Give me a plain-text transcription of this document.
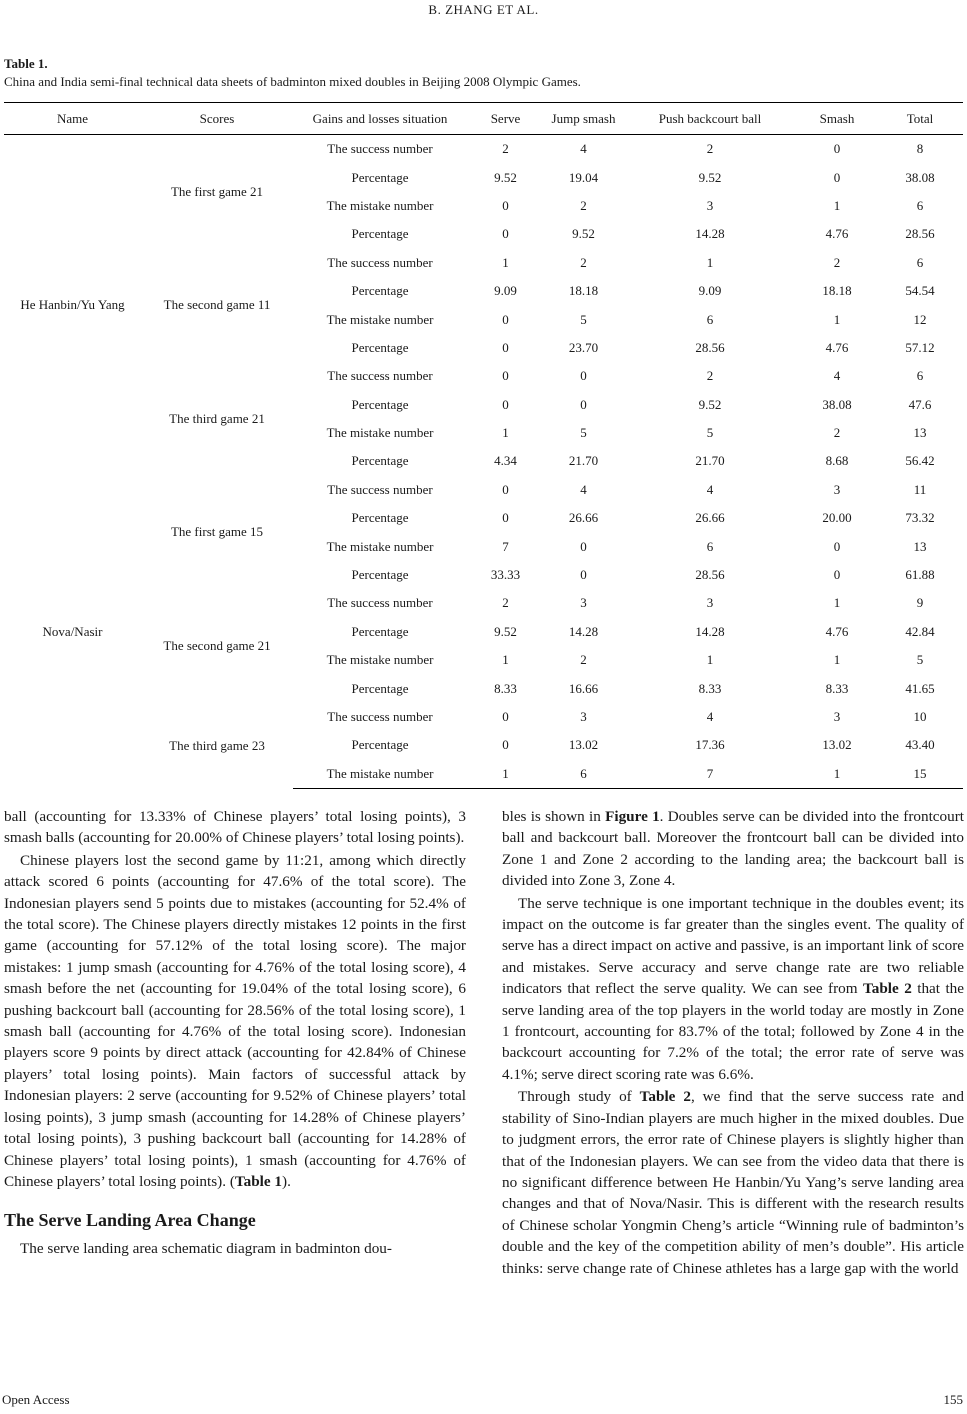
B. ZHANG ET AL.
Table 1.
China and India semi-final technical data sheets of badminton mixed doubles in Beijing 2008 Olympic Games.
Name	Scores	Gains and losses situation	Serve	Jump smash	Push backcourt ball	Smash	Total
He Hanbin/Yu Yang	The first game 21	The success number	2	4	2	0	8
		Percentage	9.52	19.04	9.52	0	38.08
		The mistake number	0	2	3	1	6
		Percentage	0	9.52	14.28	4.76	28.56
	The second game 11	The success number	1	2	1	2	6
		Percentage	9.09	18.18	9.09	18.18	54.54
		The mistake number	0	5	6	1	12
		Percentage	0	23.70	28.56	4.76	57.12
	The third game 21	The success number	0	0	2	4	6
		Percentage	0	0	9.52	38.08	47.6
		The mistake number	1	5	5	2	13
		Percentage	4.34	21.70	21.70	8.68	56.42
Nova/Nasir	The first game 15	The success number	0	4	4	3	11
		Percentage	0	26.66	26.66	20.00	73.32
		The mistake number	7	0	6	0	13
		Percentage	33.33	0	28.56	0	61.88
	The second game 21	The success number	2	3	3	1	9
		Percentage	9.52	14.28	14.28	4.76	42.84
		The mistake number	1	2	1	1	5
		Percentage	8.33	16.66	8.33	8.33	41.65
	The third game 23	The success number	0	3	4	3	10
		Percentage	0	13.02	17.36	13.02	43.40
		The mistake number	1	6	7	1	15

ball (accounting for 13.33% of Chinese players’ total losing points), 3 smash balls (accounting for 20.00% of Chinese players’ total losing points).

Chinese players lost the second game by 11:21, among which directly attack scored 6 points (accounting for 47.6% of the total score). The Indonesian players send 5 points due to mistakes (accounting for 52.4% of the total score). The Chinese players directly mistakes 12 points in the first game (accounting for 57.12% of the total losing score). The major mistakes: 1 jump smash (accounting for 4.76% of the total losing score), 4 smash before the net (accounting for 19.04% of the total losing score), 6 pushing backcourt ball (accounting for 28.56% of the total losing score), 1 smash ball (accounting for 4.76% of the total losing score). Indonesian players score 9 points by direct attack (accounting for 42.84% of Chinese players’ total losing points). Main factors of successful attack by Indonesian players: 2 serve (accounting for 9.52% of Chinese players’ total losing points), 3 jump smash (accounting for 14.28% of Chinese players’ total losing points), 3 pushing backcourt ball (accounting for 14.28% of Chinese players’ total losing points), 1 smash (accounting for 4.76% of Chinese players’ total losing points). (Table 1).

The Serve Landing Area Change

The serve landing area schematic diagram in badminton dou-

bles is shown in Figure 1. Doubles serve can be divided into the frontcourt ball and backcourt ball. Moreover the frontcourt ball can be divided into Zone 1 and Zone 2 according to the landing area; the backcourt ball is divided into Zone 3, Zone 4.

The serve technique is one important technique in the doubles event; its impact on the outcome is far greater than the singles event. The quality of serve has a direct impact on active and passive, is an important link of score and mistakes. Serve accuracy and serve change rate are two reliable indicators that reflect the serve quality. We can see from Table 2 that the serve landing area of the top players in the world today are mostly in Zone 1 frontcourt, accounting for 83.7% of the total; followed by Zone 4 in the backcourt accounting for 7.2% of the total; the error rate of serve was 4.1%; serve direct scoring rate was 6.6%.

Through study of Table 2, we find that the serve success rate and stability of Sino-Indian players are much higher in the mixed doubles. Due to judgment errors, the error rate of Chinese players is slightly higher than that of the Indonesian players. We can see from the video data that there is no significant difference between He Hanbin/Yu Yang’s serve landing area changes and that of Nova/Nasir. This is different with the research results of Chinese scholar Yongmin Cheng’s article “Winning rule of badminton’s double and the key of the competition ability of men’s double”. His article thinks: serve change rate of Chinese athletes has a large gap with the world

Open Access	155
